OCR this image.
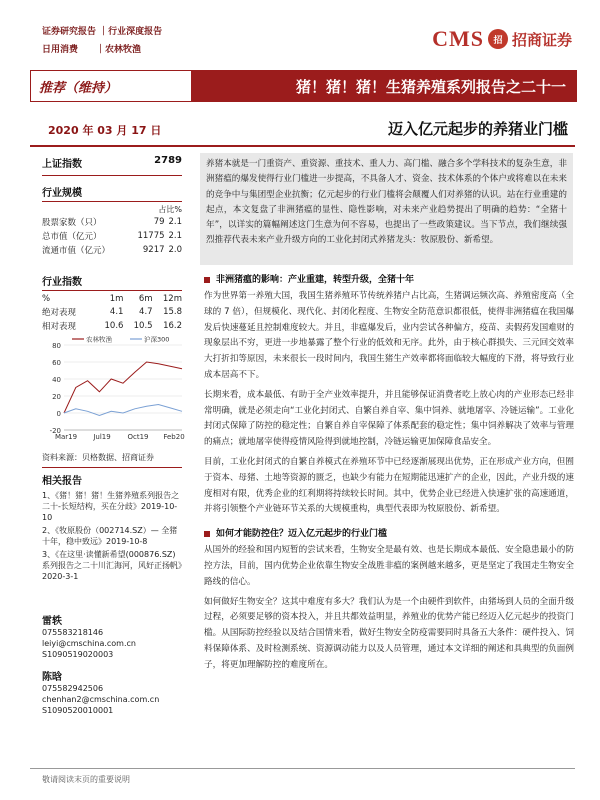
证券研究报告 ｜行业深度报告
日用消费　　｜农林牧渔	CMS	招 招商证券
推荐（维持）	猪！猪！猪！生猪养殖系列报告之二十一
2020 年 03 月 17 日	迈入亿元起步的养猪业门槛
上证指数	2789
行业规模
占比%
股票家数（只）	79	2.1
总市值（亿元）	11775	2.1
流通市值（亿元）	9217	2.0
行业指数
%	1m	6m	12m
绝对表现	4.1	4.7	15.8
相对表现	10.6	10.5	16.2
80
60
40
20
0
-20
Mar19 Jul19 Oct19 Feb20
农林牧渔	沪深300
资料来源：贝格数据、招商证券
相关报告
1、《猪！猪！猪！生猪养殖系列报告之二十-长短结构，买在分歧》2019-10-10
2、《牧原股份（002714.SZ）— 全猪十年，稳中致远》2019-10-8
3、《在这里·读懂新希望(000876.SZ) 系列报告之二十川汇海河，风好正扬帆》2020-3-1
雷轶
075583218146
leiyi@cmschina.com.cn
S1090519020003
陈晗
075582942506
chenhan2@cmschina.com.cn
S1090520010001
养猪本就是一门重资产、重资源、重技术、重人力、高门槛、融合多个学科技术的复杂生意，非洲猪瘟的爆发使得行业门槛进一步提高，不具备人才、资金、技术体系的个体户或将难以在未来的竞争中与集团型企业抗衡；亿元起步的行业门槛将会颠覆人们对养猪的认识。站在行业重建的起点，本文复盘了非洲猪瘟的显性、隐性影响，对未来产业趋势提出了明确的趋势：“全猪十年”，以详实的篇幅阐述这门生意为何不容易，也提出了一些政策建议。当下节点，我们继续强烈推荐代表未来产业升级方向的工业化封闭式养猪龙头：牧原股份、新希望。
非洲猪瘟的影响：产业重建，转型升级，全猪十年
作为世界第一养殖大国，我国生猪养殖环节传统养猪户占比高，生猪调运频次高、养殖密度高（全球的 7 倍），但规模化、现代化、封闭化程度、生物安全防范意识都很低，使得非洲猪瘟在我国爆发后快速蔓延且控制难度较大。并且，非瘟爆发后，业内尝试各种偏方，疫苗、卖假药发国难财的现象层出不穷，更进一步地暴露了整个行业的低效和无序。此外，由于核心群损失、三元回交效率大打折扣等原因，未来很长一段时间内，我国生猪生产效率都将面临较大幅度的下滑，将导致行业成本居高不下。
长期来看，成本最低、有助于全产业效率提升，并且能够保证消费者吃上放心肉的产业形态已经非常明确，就是必须走向“工业化封闭式、自繁自养自宰、集中饲养、就地屠宰、冷链运输”。工业化封闭式保障了防控的稳定性；自繁自养自宰保障了体系配套的稳定性；集中饲养解决了效率与管理的痛点；就地屠宰使得疫情风险得到就地控制，冷链运输更加保障食品安全。
目前，工业化封闭式的自繁自养模式在养殖环节中已经逐渐展现出优势，正在形成产业方向，但囿于资本、母猪、土地等资源的匮乏，也缺少有能力在短期能迅速扩产的企业，因此，产业升级的速度相对有限，优秀企业的红利期将持续较长时间。其中，优势企业已经进入快速扩张的高速通道，并将引领整个产业链环节关系的大规模重构，典型代表即为牧原股份、新希望。
如何才能防控住？迈入亿元起步的行业门槛
从国外的经验和国内短暂的尝试来看，生物安全是最有效、也是长期成本最低、安全隐患最小的防控方法，目前，国内优势企业依靠生物安全战胜非瘟的案例越来越多，更是坚定了我国走生物安全路线的信心。
如何做好生物安全？这其中难度有多大？我们认为是一个由硬件到软件，由猪场到人员的全面升级过程，必须要足够的资本投入，并且共都效益明显，养殖业的优势产能已经迈入亿元起步的投资门槛。从国际防控经验以及结合国情来看，做好生物安全防疫需要同时具备五大条件：硬件投入、饲料保障体系、及时检测系统、资源调动能力以及人员管理，通过本文详细的阐述和具典型的负面例子，将更加理解防控的难度所在。
敬请阅读末页的重要说明
